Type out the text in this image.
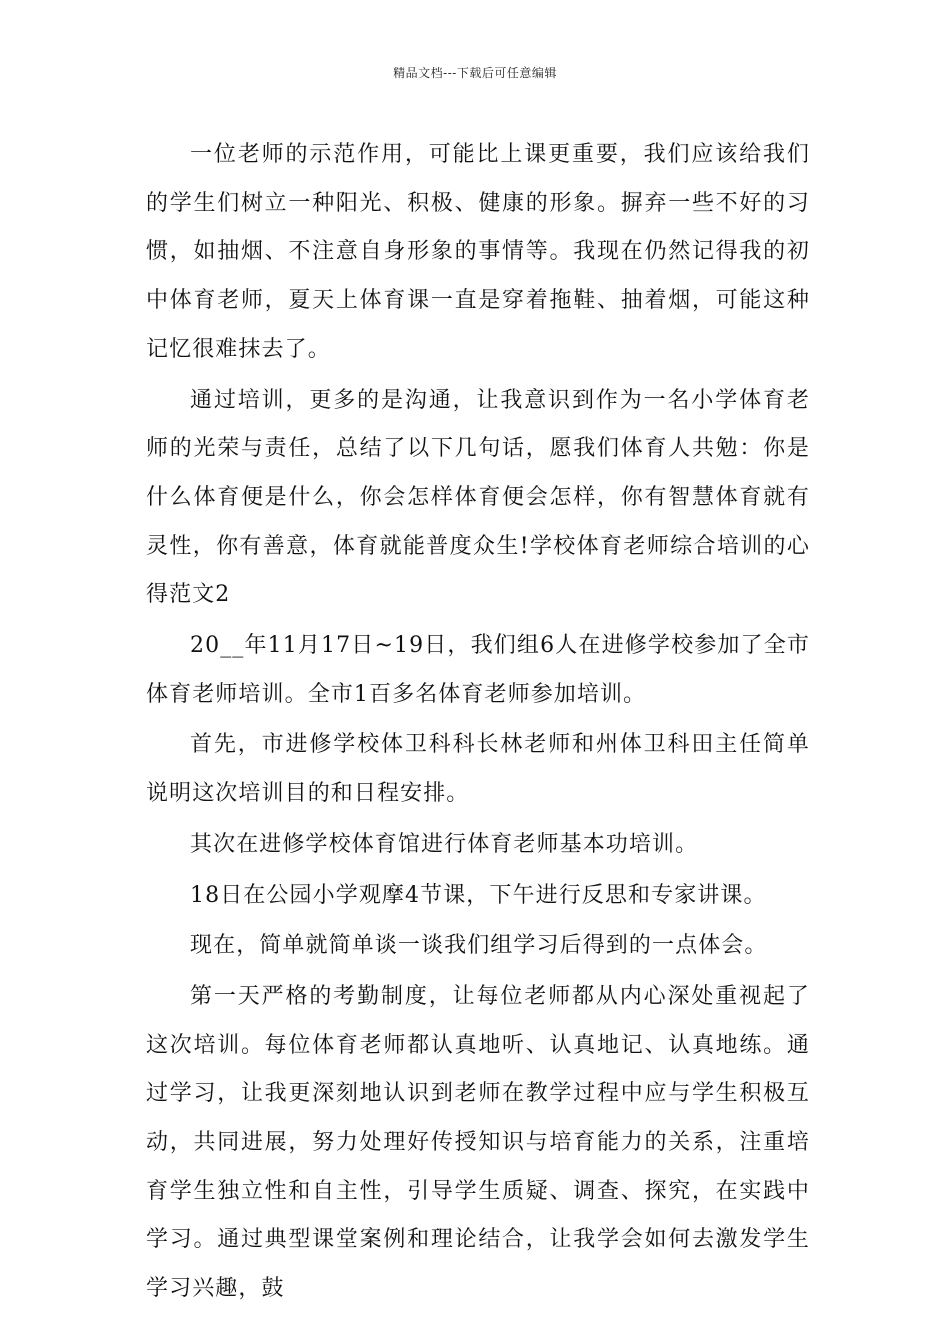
精品文档---下载后可任意编辑

一位老师的示范作用，可能比上课更重要，我们应该给我们的学生们树立一种阳光、积极、健康的形象。摒弃一些不好的习惯，如抽烟、不注意自身形象的事情等。我现在仍然记得我的初中体育老师，夏天上体育课一直是穿着拖鞋、抽着烟，可能这种记忆很难抹去了。

通过培训，更多的是沟通，让我意识到作为一名小学体育老师的光荣与责任，总结了以下几句话，愿我们体育人共勉：你是什么体育便是什么，你会怎样体育便会怎样，你有智慧体育就有灵性，你有善意，体育就能普度众生!学校体育老师综合培训的心得范文2

20__年11月17日~19日，我们组6人在进修学校参加了全市体育老师培训。全市1百多名体育老师参加培训。

首先，市进修学校体卫科科长林老师和州体卫科田主任简单说明这次培训目的和日程安排。

其次在进修学校体育馆进行体育老师基本功培训。

18日在公园小学观摩4节课，下午进行反思和专家讲课。

现在，简单就简单谈一谈我们组学习后得到的一点体会。

第一天严格的考勤制度，让每位老师都从内心深处重视起了这次培训。每位体育老师都认真地听、认真地记、认真地练。通过学习，让我更深刻地认识到老师在教学过程中应与学生积极互动，共同进展，努力处理好传授知识与培育能力的关系，注重培育学生独立性和自主性，引导学生质疑、调查、探究，在实践中学习。通过典型课堂案例和理论结合，让我学会如何去激发学生学习兴趣，鼓
